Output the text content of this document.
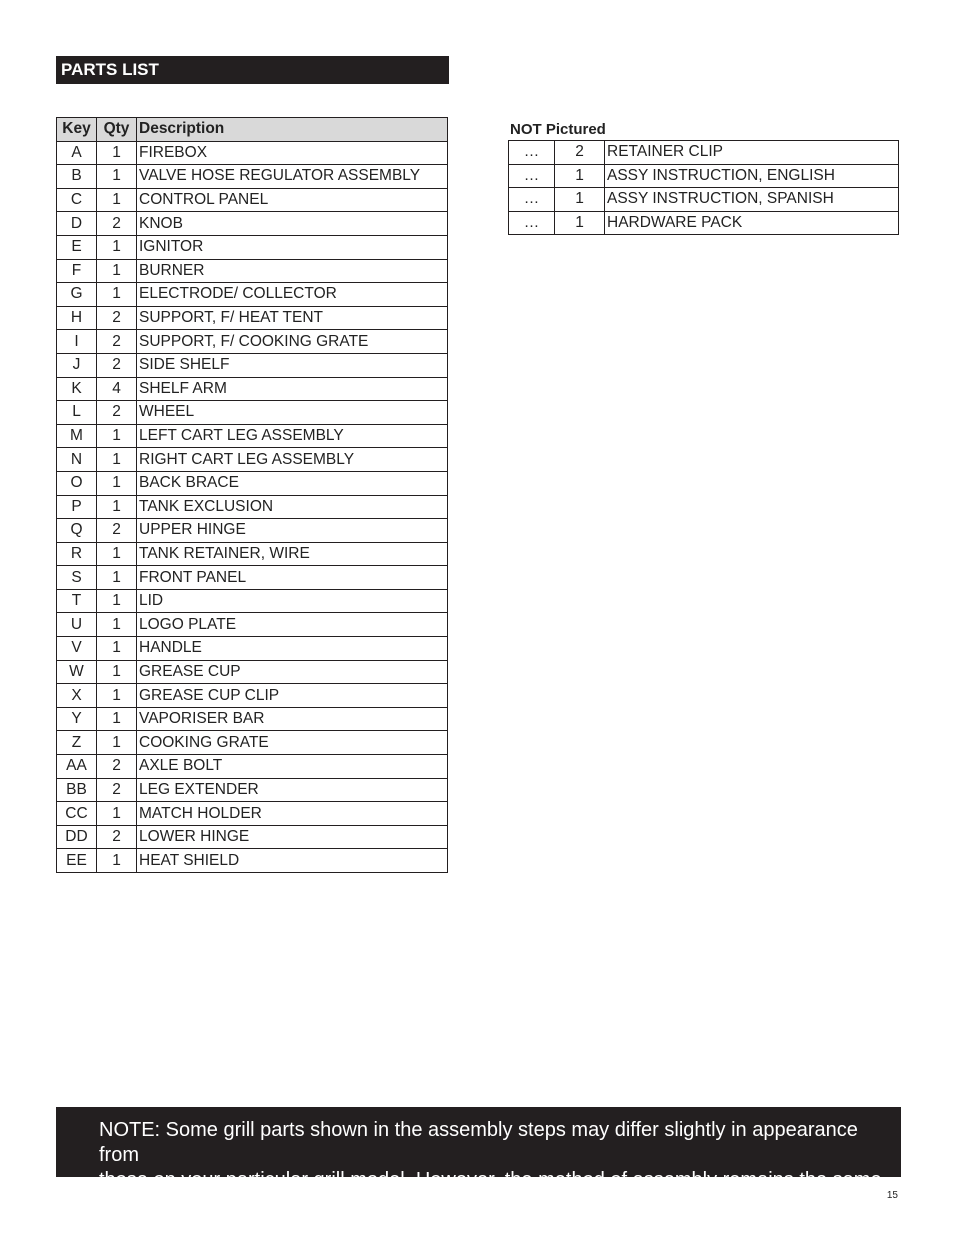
PARTS LIST
Key	Qty	Description
A	1	FIREBOX
B	1	VALVE HOSE REGULATOR ASSEMBLY
C	1	CONTROL PANEL
D	2	KNOB
E	1	IGNITOR
F	1	BURNER
G	1	ELECTRODE/ COLLECTOR
H	2	SUPPORT, F/ HEAT TENT
I	2	SUPPORT, F/ COOKING GRATE
J	2	SIDE SHELF
K	4	SHELF ARM
L	2	WHEEL
M	1	LEFT CART LEG ASSEMBLY
N	1	RIGHT CART LEG ASSEMBLY
O	1	BACK BRACE
P	1	TANK EXCLUSION
Q	2	UPPER HINGE
R	1	TANK RETAINER, WIRE
S	1	FRONT PANEL
T	1	LID
U	1	LOGO PLATE
V	1	HANDLE
W	1	GREASE CUP
X	1	GREASE CUP CLIP
Y	1	VAPORISER BAR
Z	1	COOKING GRATE
AA	2	AXLE BOLT
BB	2	LEG EXTENDER
CC	1	MATCH HOLDER
DD	2	LOWER HINGE
EE	1	HEAT SHIELD
NOT Pictured
…	2	RETAINER CLIP
…	1	ASSY INSTRUCTION, ENGLISH
…	1	ASSY INSTRUCTION, SPANISH
…	1	HARDWARE PACK
NOTE: Some grill parts shown in the assembly steps may differ slightly in appearance from
those on your particular grill model. However, the method of assembly remains the same.
15
